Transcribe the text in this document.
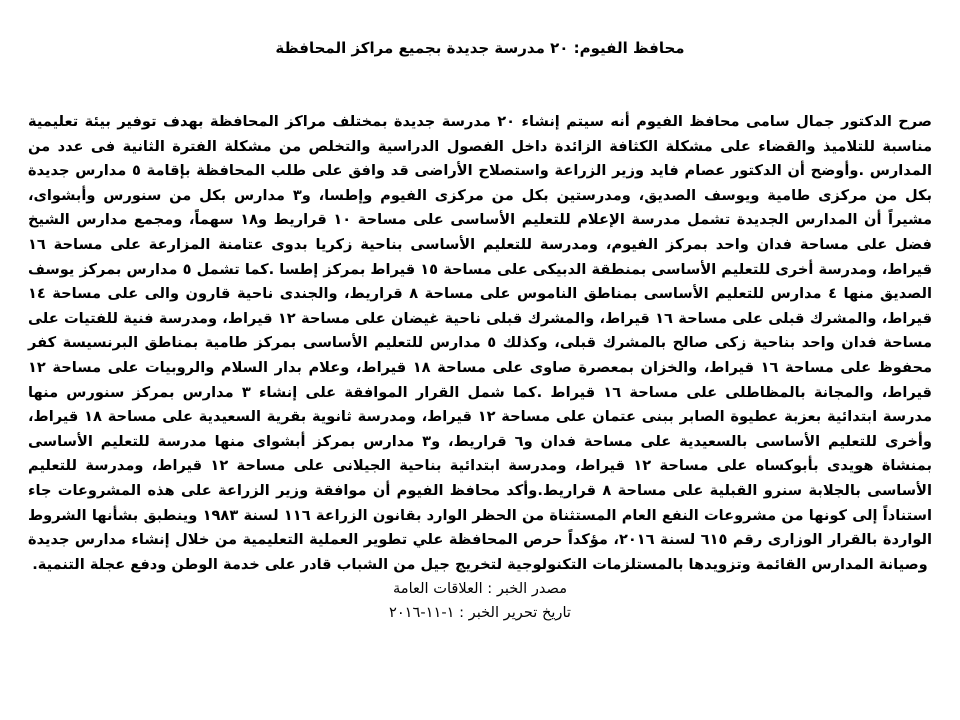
محافظ الفيوم: ٢٠ مدرسة جديدة بجميع مراكز المحافظة

صرح الدكتور جمال سامى محافظ الفيوم أنه سيتم إنشاء ٢٠ مدرسة جديدة بمختلف مراكز المحافظة بهدف توفير بيئة تعليمية مناسبة للتلاميذ والقضاء على مشكلة الكثافة الزائدة داخل الفصول الدراسية والتخلص من مشكلة الفترة الثانية فى عدد من المدارس .وأوضح أن الدكتور عصام فايد وزير الزراعة واستصلاح الأراضى قد وافق على طلب المحافظة بإقامة ٥ مدارس جديدة بكل من مركزى طامية ويوسف الصديق، ومدرستين بكل من مركزى الفيوم وإطسا، و٣ مدارس بكل من سنورس وأبشواى، مشيراً أن المدارس الجديدة تشمل مدرسة الإعلام للتعليم الأساسى على مساحة ١٠ قراريط و١٨ سهماً، ومجمع مدارس الشيخ فضل على مساحة فدان واحد بمركز الفيوم، ومدرسة للتعليم الأساسى بناحية زكريا بدوى عتامنة المزارعة على مساحة ١٦ قيراط، ومدرسة أخرى للتعليم الأساسى بمنطقة الدبيكى على مساحة ١٥ قيراط بمركز إطسا .كما تشمل ٥ مدارس بمركز يوسف الصديق منها ٤ مدارس للتعليم الأساسى بمناطق الناموس على مساحة ٨ قراريط، والجندى ناحية قارون والى على مساحة ١٤ قيراط، والمشرك قبلى على مساحة ١٦ قيراط، والمشرك قبلى ناحية غيضان على مساحة ١٢ قيراط، ومدرسة فنية للفتيات على مساحة فدان واحد بناحية زكى صالح بالمشرك قبلى، وكذلك ٥ مدارس للتعليم الأساسى بمركز طامية بمناطق البرنسيسة كفر محفوظ على مساحة ١٦ قيراط، والخزان بمعصرة صاوى على مساحة ١٨ قيراط، وعلام بدار السلام والروبيات على مساحة ١٢ قيراط، والمجانة بالمظاطلى على مساحة ١٦ قيراط .كما شمل القرار الموافقة على إنشاء ٣ مدارس بمركز سنورس منها مدرسة ابتدائية بعزبة عطيوة الصابر ببنى عتمان على مساحة ١٢ قيراط، ومدرسة ثانوية بقرية السعيدية على مساحة ١٨ قيراط، وأخرى للتعليم الأساسى بالسعيدية على مساحة فدان و٦ قراريط، و٣ مدارس بمركز أبشواى منها مدرسة للتعليم الأساسى بمنشاة هويدى بأبوكساه على مساحة ١٢ قيراط، ومدرسة ابتدائية بناحية الجيلانى على مساحة ١٢ قيراط، ومدرسة للتعليم الأساسى بالجلابة سنرو القبلية على مساحة ٨ قراريط.وأكد محافظ الفيوم أن موافقة وزير الزراعة على هذه المشروعات جاء استناداً إلى كونها من مشروعات النفع العام المستثناة من الحظر الوارد بقانون الزراعة ١١٦ لسنة ١٩٨٣ وينطبق بشأنها الشروط الواردة بالقرار الوزارى رقم ٦١٥ لسنة ٢٠١٦، مؤكداً حرص المحافظة علي تطوير العملية التعليمية من خلال إنشاء مدارس جديدة وصيانة المدارس القائمة وتزويدها بالمستلزمات التكنولوجية لتخريج جيل من الشباب قادر على خدمة الوطن ودفع عجلة التنمية.

مصدر الخبر : العلاقات العامة

تاريخ تحرير الخبر : ١-١١-٢٠١٦
